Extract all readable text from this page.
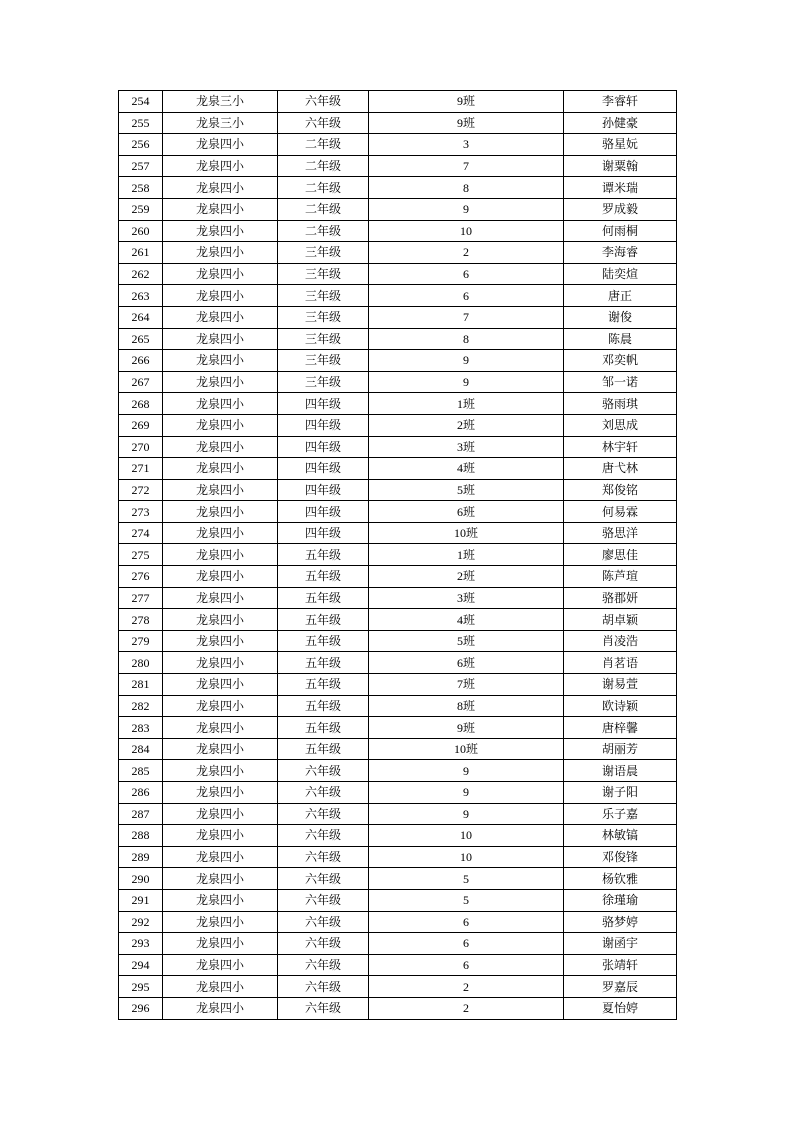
254	龙泉三小	六年级	9班	李睿轩
255	龙泉三小	六年级	9班	孙健豪
256	龙泉四小	二年级	3	骆星妧
257	龙泉四小	二年级	7	谢粟翰
258	龙泉四小	二年级	8	谭米瑞
259	龙泉四小	二年级	9	罗成毅
260	龙泉四小	二年级	10	何雨桐
261	龙泉四小	三年级	2	李海睿
262	龙泉四小	三年级	6	陆奕煊
263	龙泉四小	三年级	6	唐正
264	龙泉四小	三年级	7	谢俊
265	龙泉四小	三年级	8	陈晨
266	龙泉四小	三年级	9	邓奕帆
267	龙泉四小	三年级	9	邹一诺
268	龙泉四小	四年级	1班	骆雨琪
269	龙泉四小	四年级	2班	刘思成
270	龙泉四小	四年级	3班	林宇轩
271	龙泉四小	四年级	4班	唐弋林
272	龙泉四小	四年级	5班	郑俊铭
273	龙泉四小	四年级	6班	何易霖
274	龙泉四小	四年级	10班	骆思洋
275	龙泉四小	五年级	1班	廖思佳
276	龙泉四小	五年级	2班	陈芦瑄
277	龙泉四小	五年级	3班	骆郡妍
278	龙泉四小	五年级	4班	胡卓颖
279	龙泉四小	五年级	5班	肖凌浩
280	龙泉四小	五年级	6班	肖茗语
281	龙泉四小	五年级	7班	谢易萱
282	龙泉四小	五年级	8班	欧诗颖
283	龙泉四小	五年级	9班	唐梓馨
284	龙泉四小	五年级	10班	胡丽芳
285	龙泉四小	六年级	9	谢语晨
286	龙泉四小	六年级	9	谢子阳
287	龙泉四小	六年级	9	乐子嘉
288	龙泉四小	六年级	10	林敏镐
289	龙泉四小	六年级	10	邓俊锋
290	龙泉四小	六年级	5	杨钦雅
291	龙泉四小	六年级	5	徐瑾瑜
292	龙泉四小	六年级	6	骆梦婷
293	龙泉四小	六年级	6	谢函宇
294	龙泉四小	六年级	6	张靖轩
295	龙泉四小	六年级	2	罗嘉辰
296	龙泉四小	六年级	2	夏怡婷
